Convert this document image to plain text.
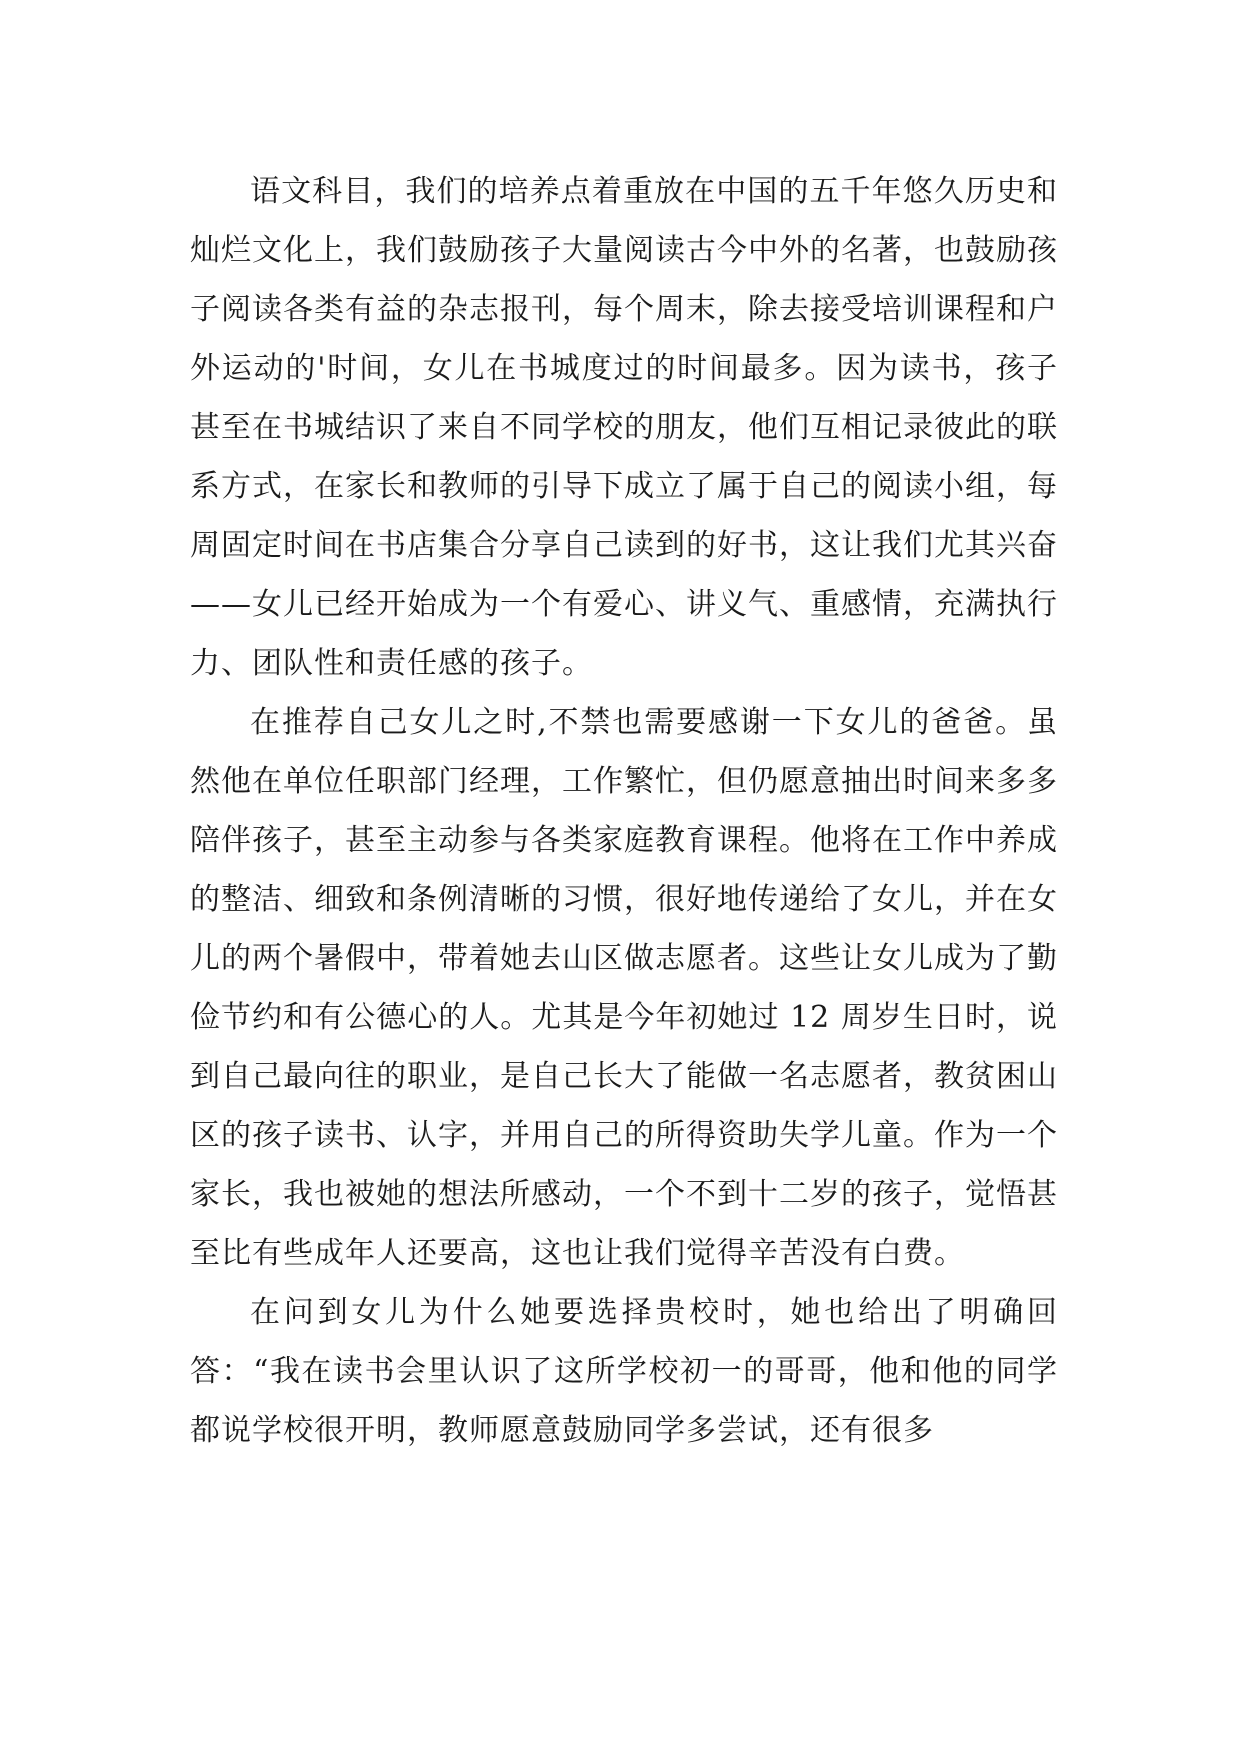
语文科目，我们的培养点着重放在中国的五千年悠久历史和灿烂文化上，我们鼓励孩子大量阅读古今中外的名著，也鼓励孩子阅读各类有益的杂志报刊，每个周末，除去接受培训课程和户外运动的'时间，女儿在书城度过的时间最多。因为读书，孩子甚至在书城结识了来自不同学校的朋友，他们互相记录彼此的联系方式，在家长和教师的引导下成立了属于自己的阅读小组，每周固定时间在书店集合分享自己读到的好书，这让我们尤其兴奋——女儿已经开始成为一个有爱心、讲义气、重感情，充满执行力、团队性和责任感的孩子。

在推荐自己女儿之时,不禁也需要感谢一下女儿的爸爸。虽然他在单位任职部门经理，工作繁忙，但仍愿意抽出时间来多多陪伴孩子，甚至主动参与各类家庭教育课程。他将在工作中养成的整洁、细致和条例清晰的习惯，很好地传递给了女儿，并在女儿的两个暑假中，带着她去山区做志愿者。这些让女儿成为了勤俭节约和有公德心的人。尤其是今年初她过 12 周岁生日时，说到自己最向往的职业，是自己长大了能做一名志愿者，教贫困山区的孩子读书、认字，并用自己的所得资助失学儿童。作为一个家长，我也被她的想法所感动，一个不到十二岁的孩子，觉悟甚至比有些成年人还要高，这也让我们觉得辛苦没有白费。

在问到女儿为什么她要选择贵校时，她也给出了明确回答：“我在读书会里认识了这所学校初一的哥哥，他和他的同学都说学校很开明，教师愿意鼓励同学多尝试，还有很多
